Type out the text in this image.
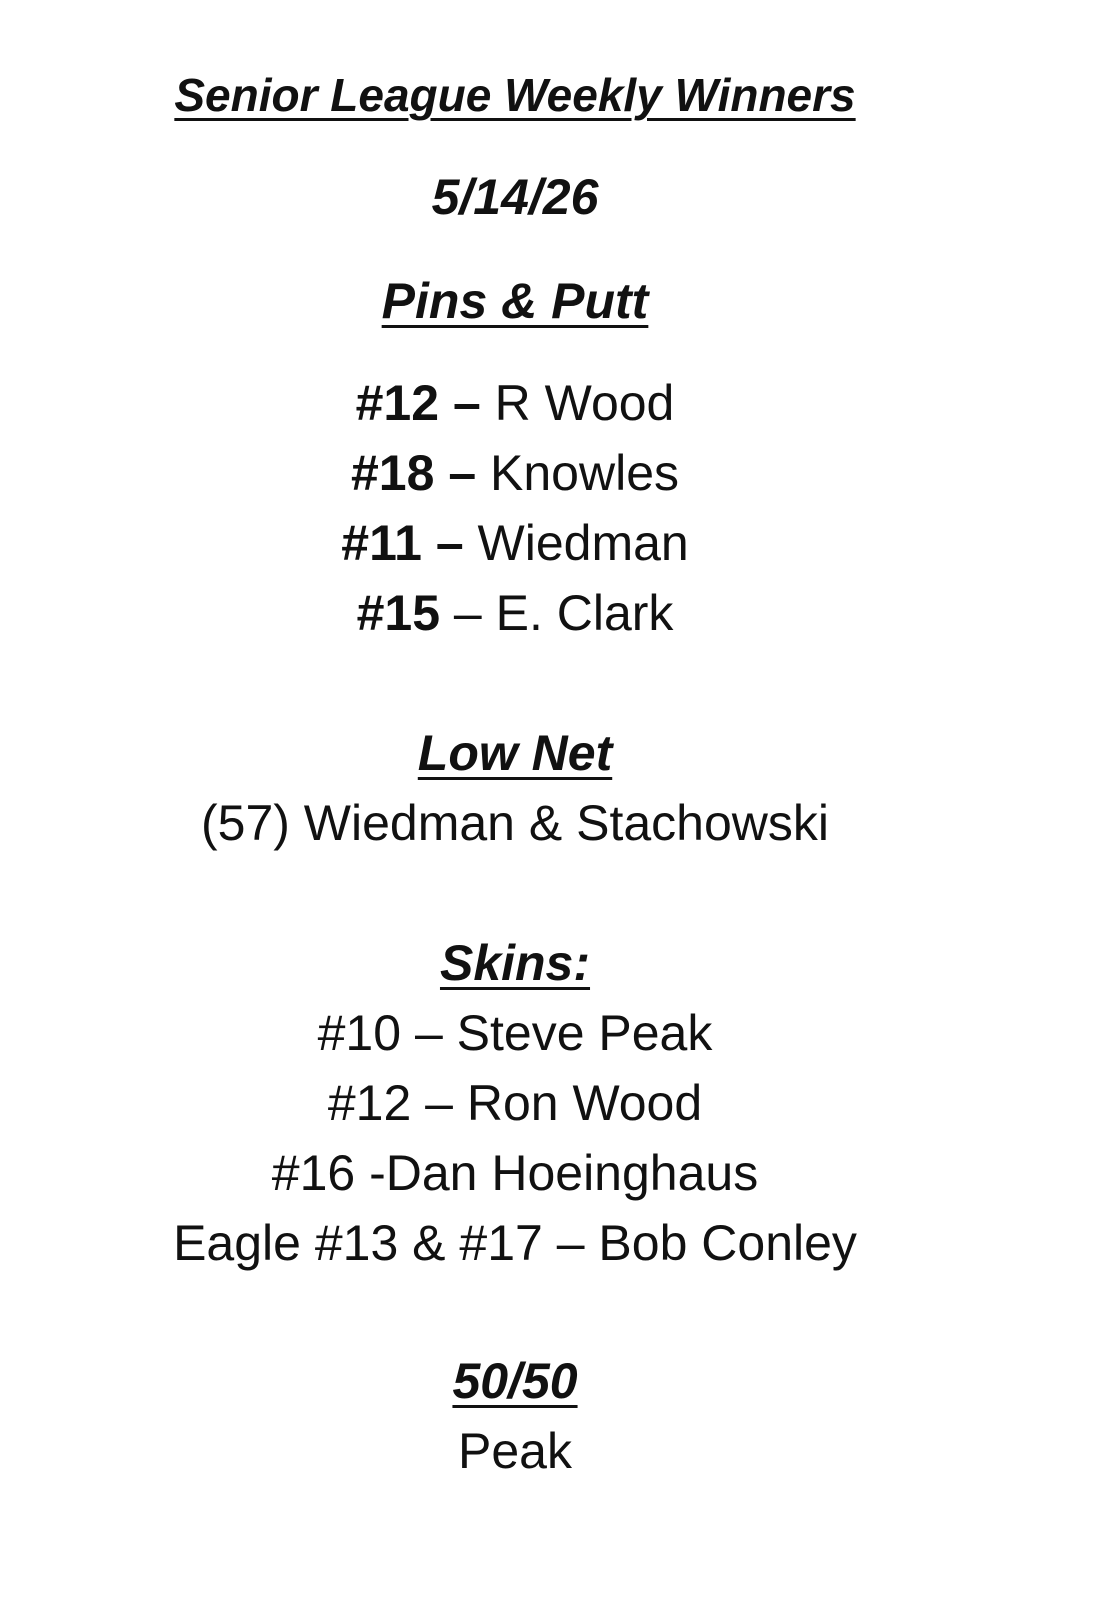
Senior League Weekly Winners
5/14/26
Pins & Putt
#12 – R Wood
#18 – Knowles
#11 – Wiedman
#15 – E. Clark
Low Net
(57) Wiedman & Stachowski
Skins:
#10 – Steve Peak
#12 – Ron Wood
#16 -Dan Hoeinghaus
Eagle #13 & #17 – Bob Conley
50/50
Peak
